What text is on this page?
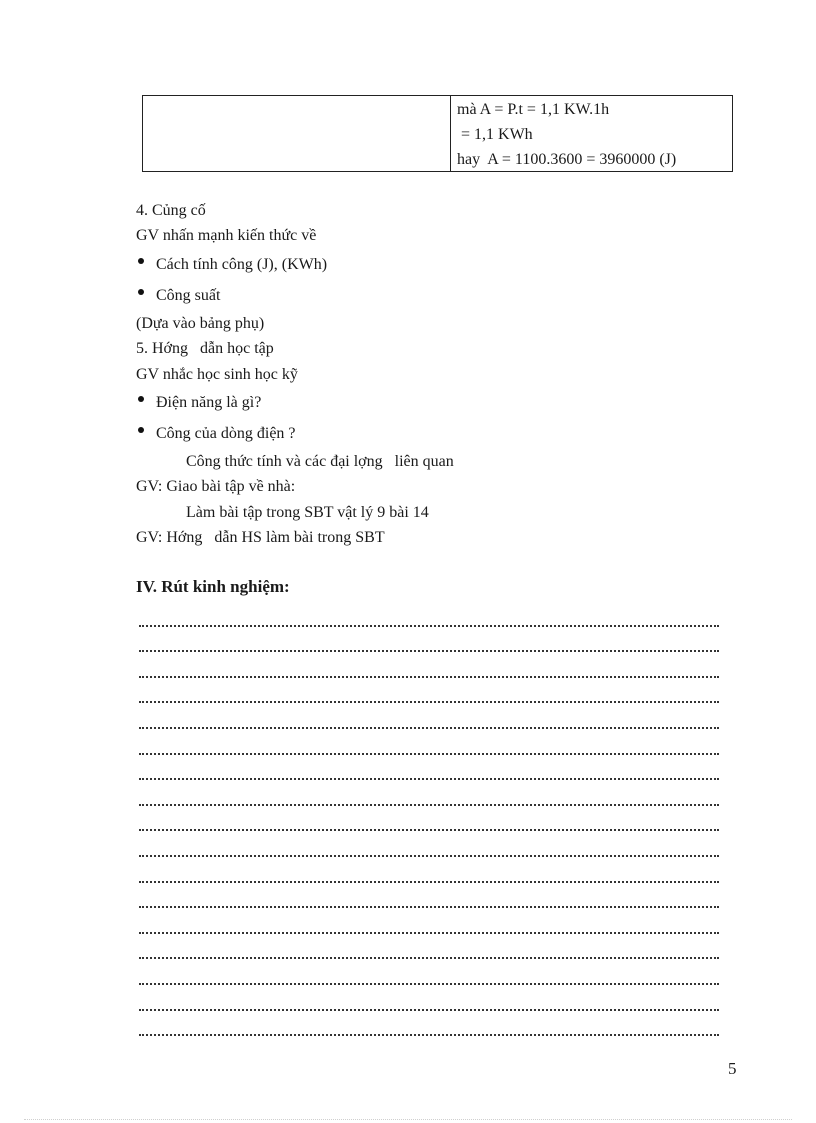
mà A = P.t = 1,1 KW.1h
= 1,1 KWh
hay  A = 1100.3600 = 3960000 (J)
4. Củng cố
GV nhấn mạnh kiến thức về
Cách tính công (J), (KWh)
Công suất
(Dựa vào bảng phụ)
5. Hớng   dẫn học tập
GV nhắc học sinh học kỹ
Điện năng là gì?
Công của dòng điện ?
Công thức tính và các đại lợng   liên quan
GV: Giao bài tập về nhà:
Làm bài tập trong SBT vật lý 9 bài 14
GV: Hớng   dẫn HS làm bài trong SBT
IV. Rút kinh nghiệm:
5
